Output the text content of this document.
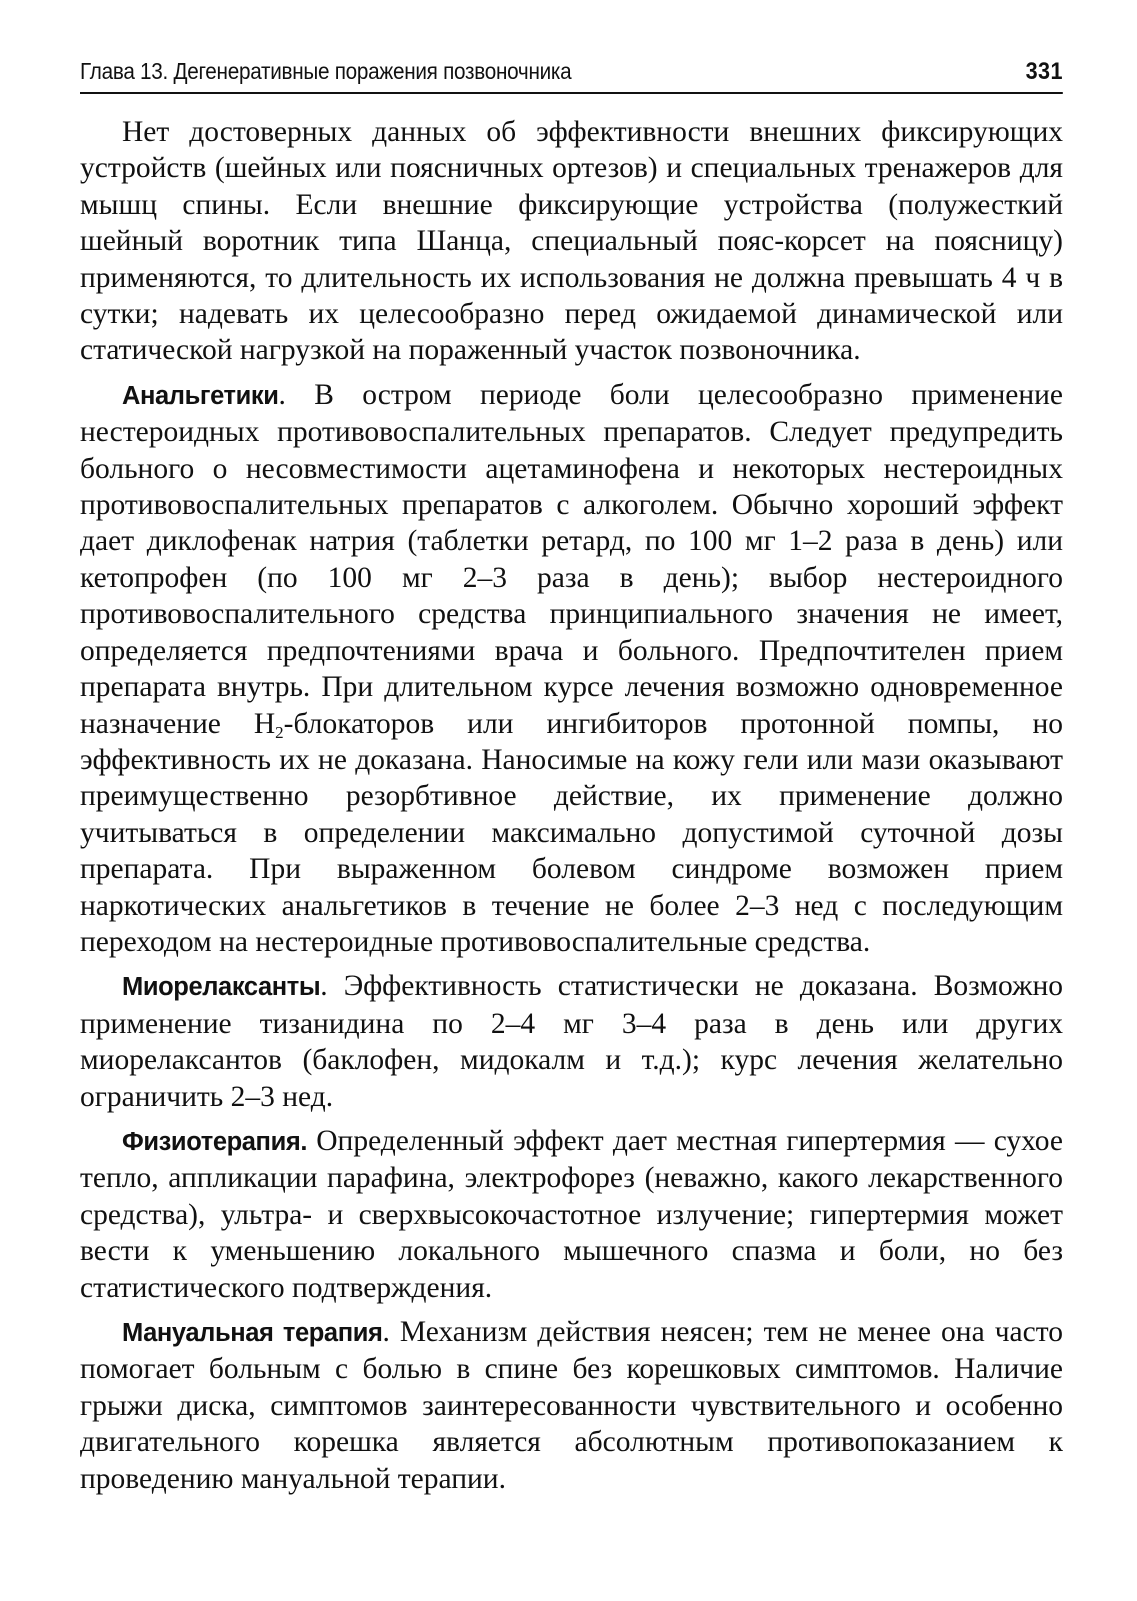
Глава 13. Дегенеративные поражения позвоночника	331

Нет достоверных данных об эффективности внешних фиксирующих устройств (шейных или поясничных ортезов) и специальных тренажеров для мышц спины. Если внешние фиксирующие устройства (полужесткий шейный воротник типа Шанца, специальный пояс-корсет на поясницу) применяются, то длительность их использования не должна превышать 4 ч в сутки; надевать их целесообразно перед ожидаемой динамической или статической нагрузкой на пораженный участок позвоночника.

Анальгетики. В остром периоде боли целесообразно применение нестероидных противовоспалительных препаратов. Следует предупредить больного о несовместимости ацетаминофена и некоторых нестероидных противовоспалительных препаратов с алкоголем. Обычно хороший эффект дает диклофенак натрия (таблетки ретард, по 100 мг 1–2 раза в день) или кетопрофен (по 100 мг 2–3 раза в день); выбор нестероидного противовоспалительного средства принципиального значения не имеет, определяется предпочтениями врача и больного. Предпочтителен прием препарата внутрь. При длительном курсе лечения возможно одновременное назначение $H_2$-блокаторов или ингибиторов протонной помпы, но эффективность их не доказана. Наносимые на кожу гели или мази оказывают преимущественно резорбтивное действие, их применение должно учитываться в определении максимально допустимой суточной дозы препарата. При выраженном болевом синдроме возможен прием наркотических анальгетиков в течение не более 2–3 нед с последующим переходом на нестероидные противовоспалительные средства.

Миорелаксанты. Эффективность статистически не доказана. Возможно применение тизанидина по 2–4 мг 3–4 раза в день или других миорелаксантов (баклофен, мидокалм и т.д.); курс лечения желательно ограничить 2–3 нед.

Физиотерапия. Определенный эффект дает местная гипертермия — сухое тепло, аппликации парафина, электрофорез (неважно, какого лекарственного средства), ультра- и сверхвысокочастотное излучение; гипертермия может вести к уменьшению локального мышечного спазма и боли, но без статистического подтверждения.

Мануальная терапия. Механизм действия неясен; тем не менее она часто помогает больным с болью в спине без корешковых симптомов. Наличие грыжи диска, симптомов заинтересованности чувствительного и особенно двигательного корешка является абсолютным противопоказанием к проведению мануальной терапии.
